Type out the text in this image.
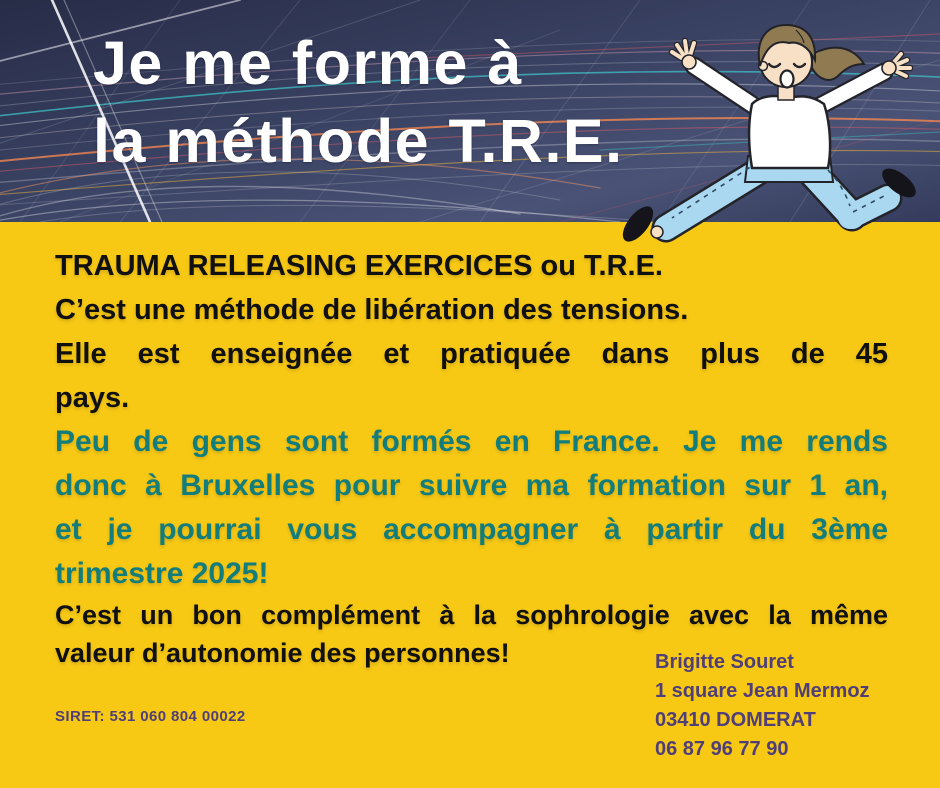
Je me forme à
la méthode T.R.E.
TRAUMA RELEASING EXERCICES ou T.R.E.
C’est une méthode de libération des tensions.
Elle est enseignée et pratiquée dans plus de 45
pays.
Peu de gens sont formés en France. Je me rends
donc à Bruxelles pour suivre ma formation sur 1 an,
et je pourrai vous accompagner à partir du 3ème
trimestre 2025!
C’est un bon complément à la sophrologie avec la même
valeur d’autonomie des personnes!	Brigitte Souret
1 square Jean Mermoz
03410 DOMERAT
06 87 96 77 90
SIRET: 531 060 804 00022
